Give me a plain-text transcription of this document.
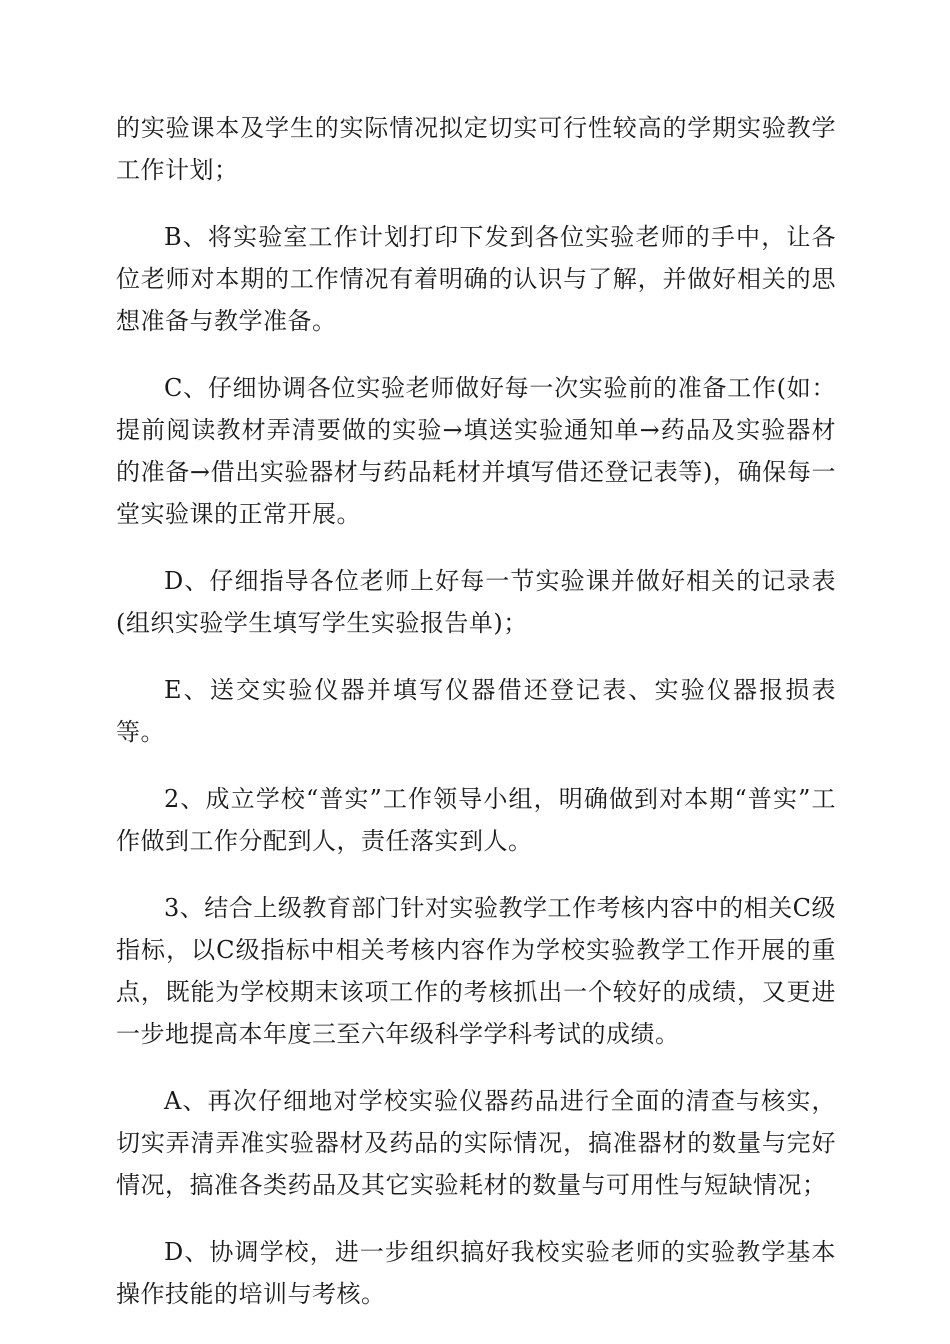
的实验课本及学生的实际情况拟定切实可行性较高的学期实验教学工作计划；

B、将实验室工作计划打印下发到各位实验老师的手中，让各位老师对本期的工作情况有着明确的认识与了解，并做好相关的思想准备与教学准备。

C、仔细协调各位实验老师做好每一次实验前的准备工作(如：提前阅读教材弄清要做的实验→填送实验通知单→药品及实验器材的准备→借出实验器材与药品耗材并填写借还登记表等)，确保每一堂实验课的正常开展。

D、仔细指导各位老师上好每一节实验课并做好相关的记录表(组织实验学生填写学生实验报告单)；

E、送交实验仪器并填写仪器借还登记表、实验仪器报损表等。

2、成立学校“普实”工作领导小组，明确做到对本期“普实”工作做到工作分配到人，责任落实到人。

3、结合上级教育部门针对实验教学工作考核内容中的相关C级指标，以C级指标中相关考核内容作为学校实验教学工作开展的重点，既能为学校期末该项工作的考核抓出一个较好的成绩，又更进一步地提高本年度三至六年级科学学科考试的成绩。

A、再次仔细地对学校实验仪器药品进行全面的清查与核实，切实弄清弄准实验器材及药品的实际情况，搞准器材的数量与完好情况，搞准各类药品及其它实验耗材的数量与可用性与短缺情况；

D、协调学校，进一步组织搞好我校实验老师的实验教学基本操作技能的培训与考核。
